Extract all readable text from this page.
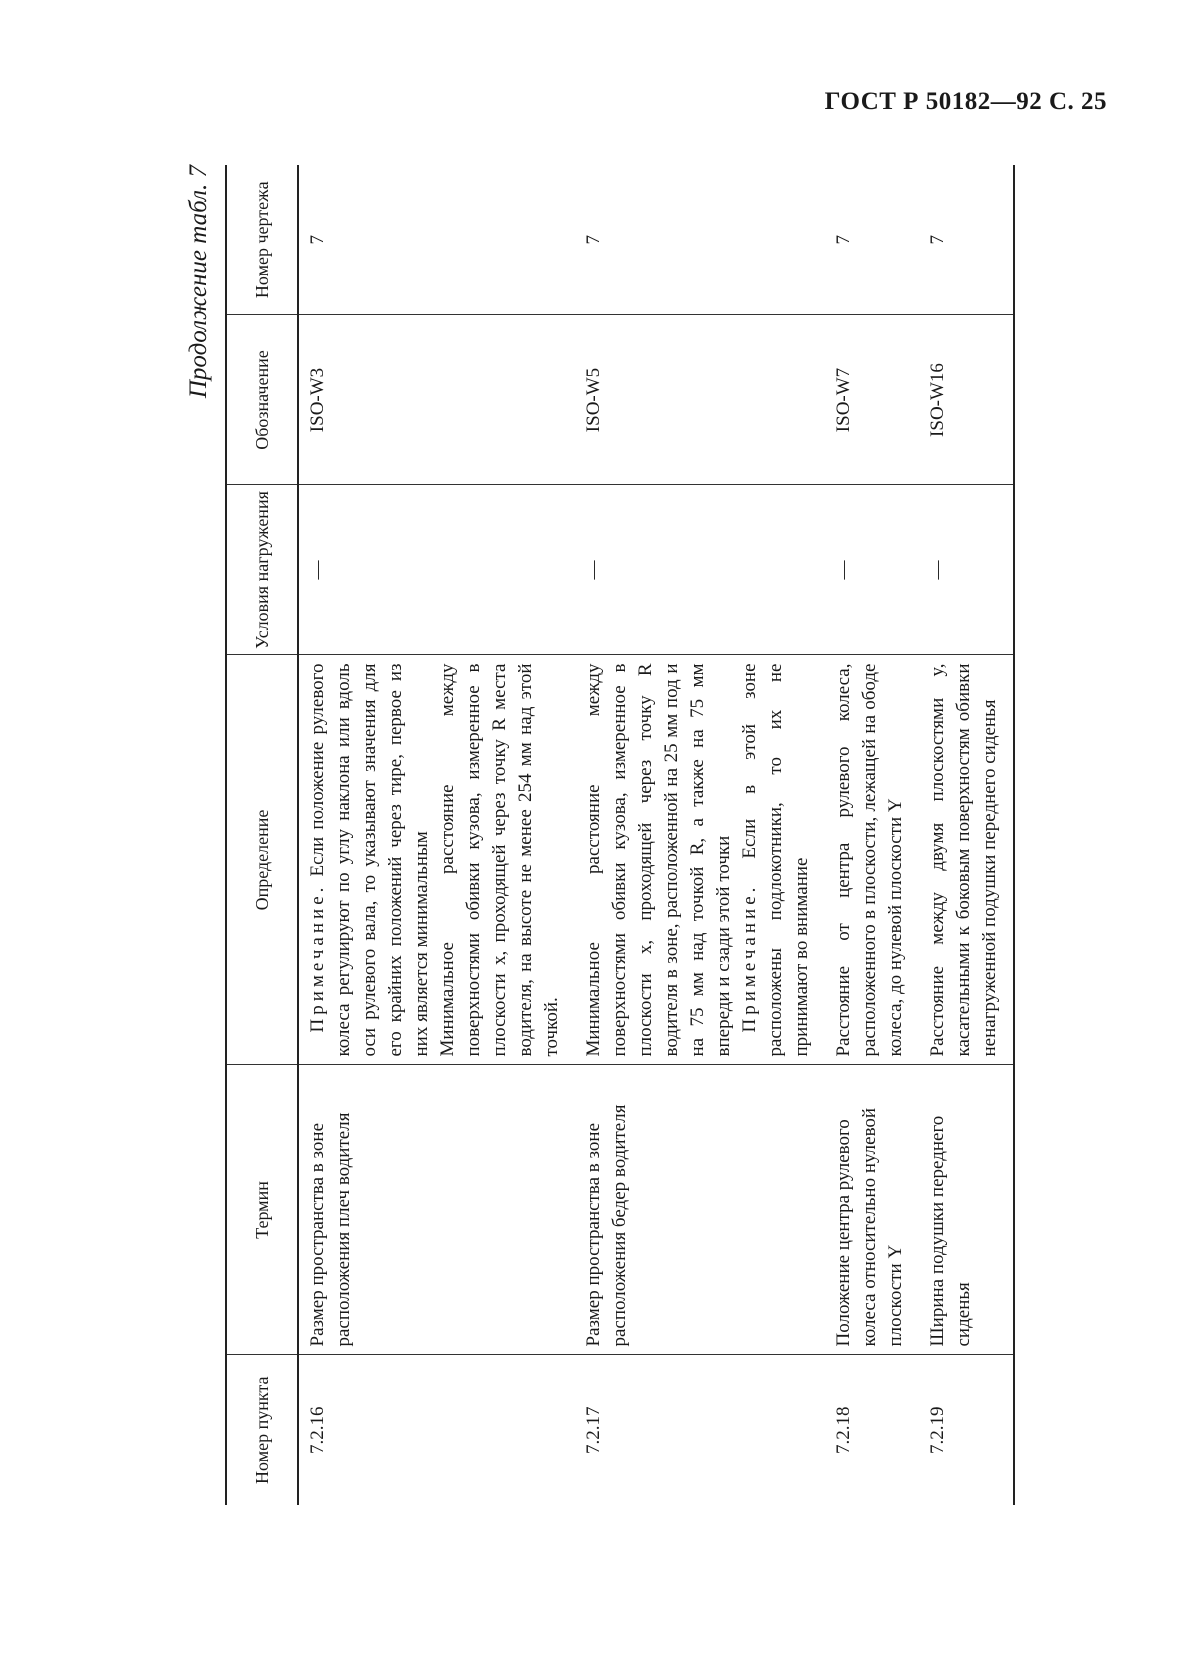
ГОСТ Р 50182—92 С. 25
Продолжение табл. 7
Номер пункта	Термин	Определение	Условия нагружения	Обозначение	Номер чертежа
7.2.16	Размер пространства в зоне расположения плеч водителя	Примечание. Если положение рулевого колеса регулируют по углу наклона или вдоль оси рулевого вала, то указывают значения для его крайних положений через тире, первое из них является минимальным Минимальное расстояние между поверхностями обивки кузова, измеренное в плоскости x, проходящей через точку R места водителя, на высоте не менее 254 мм над этой точкой.	—	ISO-W3	7
7.2.17	Размер пространства в зоне расположения бедер водителя	Минимальное расстояние между поверхностями обивки кузова, измеренное в плоскости x, проходящей через точку R водителя в зоне, расположенной на 25 мм под и на 75 мм над точкой R, а также на 75 мм впереди и сзади этой точки Примечание. Если в этой зоне расположены подлокотники, то их не принимают во внимание	—	ISO-W5	7
7.2.18	Положение центра рулевого колеса относительно нулевой плоскости Y	Расстояние от центра рулевого колеса, расположенного в плоскости, лежащей на ободе колеса, до нулевой плоскости Y	—	ISO-W7	7
7.2.19	Ширина подушки переднего сиденья	Расстояние между двумя плоскостями y, касательными к боковым поверхностям обивки ненагруженной подушки переднего сиденья	—	ISO-W16	7
